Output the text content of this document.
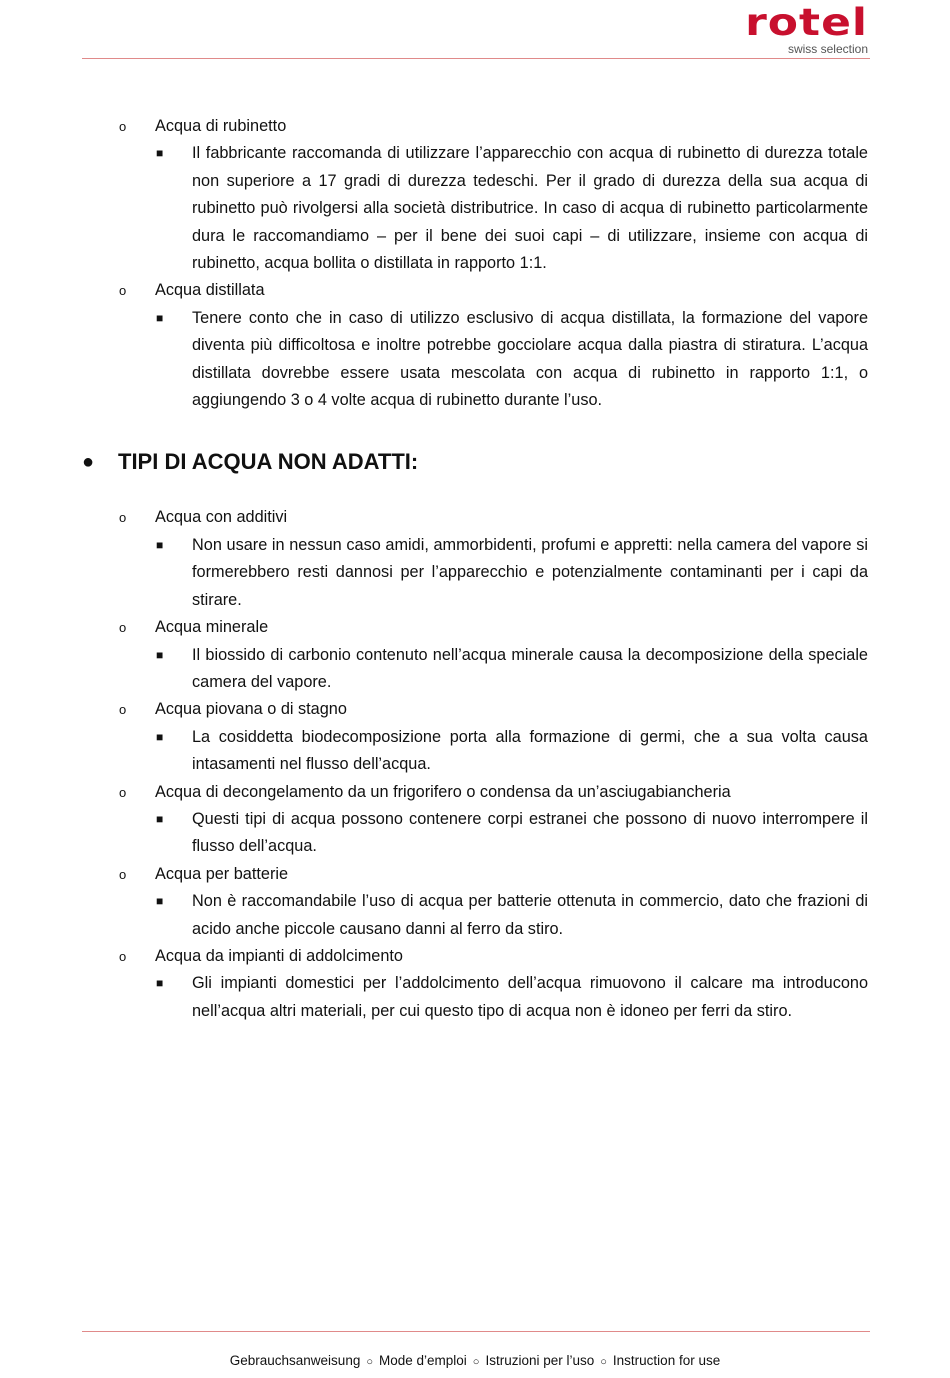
rotel
swiss selection
o Acqua di rubinetto
■ Il fabbricante raccomanda di utilizzare l’apparecchio con acqua di rubinetto di durezza totale non superiore a 17 gradi di durezza tedeschi. Per il grado di durezza della sua acqua di rubinetto può rivolgersi alla società distributrice. In caso di acqua di rubinetto particolarmente dura le raccomandiamo – per il bene dei suoi capi – di utilizzare, insieme con acqua di rubinetto, acqua bollita o distillata in rapporto 1:1.
o Acqua distillata
■ Tenere conto che in caso di utilizzo esclusivo di acqua distillata, la formazione del vapore diventa più difficoltosa e inoltre potrebbe gocciolare acqua dalla piastra di stiratura. L’acqua distillata dovrebbe essere usata mescolata con acqua di rubinetto in rapporto 1:1, o aggiungendo 3 o 4 volte acqua di rubinetto durante l’uso.
● TIPI DI ACQUA NON ADATTI:
o Acqua con additivi
■ Non usare in nessun caso amidi, ammorbidenti, profumi e appretti: nella camera del vapore si formerebbero resti dannosi per l’apparecchio e potenzialmente contaminanti per i capi da stirare.
o Acqua minerale
■ Il biossido di carbonio contenuto nell’acqua minerale causa la decomposizione della speciale camera del vapore.
o Acqua piovana o di stagno
■ La cosiddetta biodecomposizione porta alla formazione di germi, che a sua volta causa intasamenti nel flusso dell’acqua.
o Acqua di decongelamento da un frigorifero o condensa da un’asciugabiancheria
■ Questi tipi di acqua possono contenere corpi estranei che possono di nuovo interrompere il flusso dell’acqua.
o Acqua per batterie
■ Non è raccomandabile l’uso di acqua per batterie ottenuta in commercio, dato che frazioni di acido anche piccole causano danni al ferro da stiro.
o Acqua da impianti di addolcimento
■ Gli impianti domestici per l’addolcimento dell’acqua rimuovono il calcare ma introducono nell’acqua altri materiali, per cui questo tipo di acqua non è idoneo per ferri da stiro.
Gebrauchsanweisung ○ Mode d’emploi ○ Istruzioni per l’uso ○ Instruction for use
